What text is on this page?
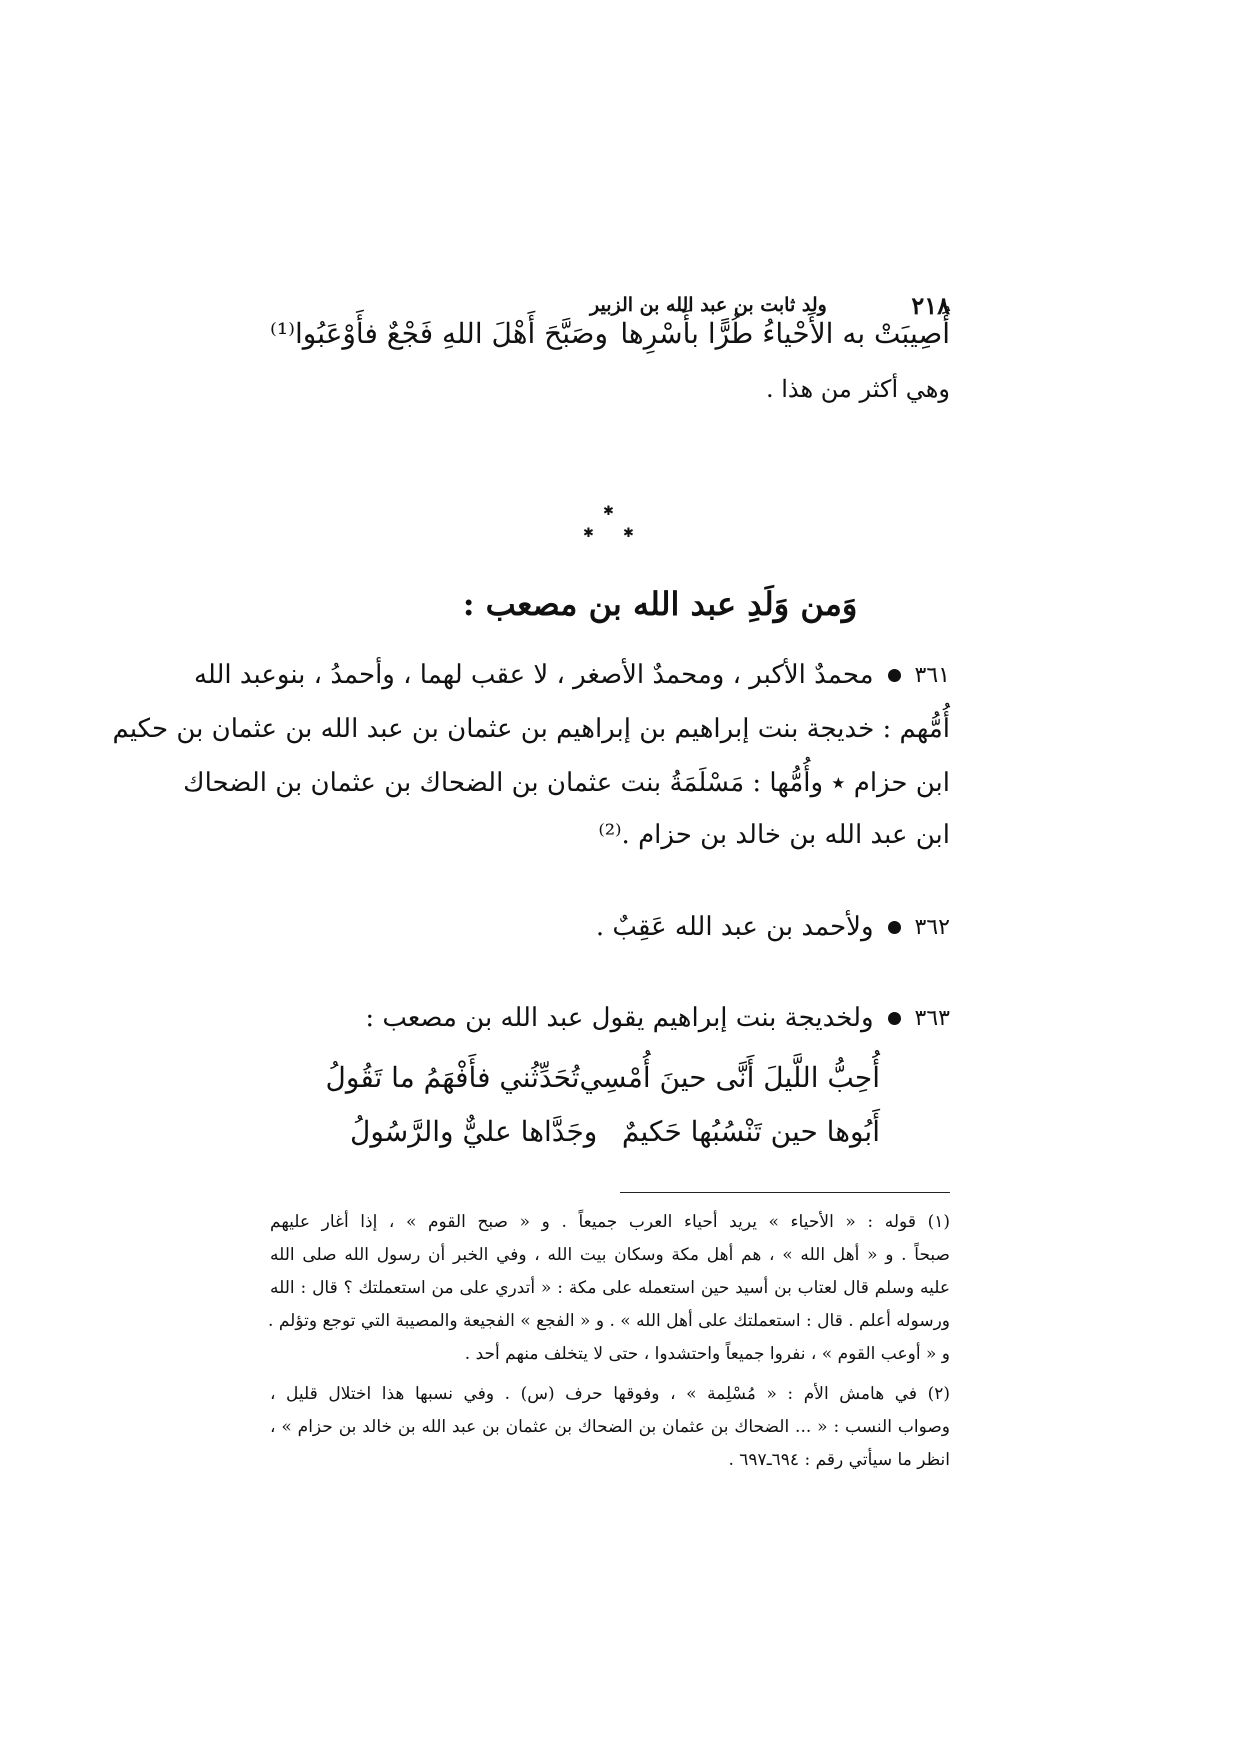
٢١٨
ولد ثابت بن عبد الله بن الزبير
أُصِيبَتْ به الأَحْياءُ طُرًّا بأَسْرِها
وصَبَّحَ أَهْلَ اللهِ فَجْعٌ فأَوْعَبُوا⁽¹⁾
وهي أكثر من هذا .
✱
✱ ✱
وَمن وَلَدِ عبد الله بن مصعب :
٣٦١
محمدٌ الأكبر ، ومحمدٌ الأصغر ، لا عقب لهما ، وأحمدُ ، بنوعبد الله
أُمُّهم : خديجة بنت إبراهيم بن إبراهيم بن عثمان بن عبد الله بن عثمان بن حكيم
ابن حزام ٭ وأُمُّها : مَسْلَمَةُ بنت عثمان بن الضحاك بن عثمان بن الضحاك
ابن عبد الله بن خالد بن حزام .⁽²⁾
٣٦٢
ولأحمد بن عبد الله عَقِبٌ .
٣٦٣
ولخديجة بنت إبراهيم يقول عبد الله بن مصعب :
أُحِبُّ اللَّيلَ أَنَّى حينَ أُمْسِي
تُحَدِّثُني فأَفْهَمُ ما تَقُولُ
أَبُوها حين تَنْسُبُها حَكيمٌ
وجَدَّاها عليٌّ والرَّسُولُ
(١) قوله : « الأحياء » يريد أحياء العرب جميعاً . و « صبح القوم » ، إذا أغار عليهم
صبحاً . و « أهل الله » ، هم أهل مكة وسكان بيت الله ، وفي الخبر أن رسول الله صلى الله
عليه وسلم قال لعتاب بن أسيد حين استعمله على مكة : « أتدري على من استعملتك ؟ قال : الله
ورسوله أعلم . قال : استعملتك على أهل الله » . و « الفجع » الفجيعة والمصيبة التي توجع وتؤلم .
و « أوعب القوم » ، نفروا جميعاً واحتشدوا ، حتى لا يتخلف منهم أحد .
(٢) في هامش الأم : « مُسْلِمة » ، وفوقها حرف (س) . وفي نسبها هذا اختلال قليل ،
وصواب النسب : « ... الضحاك بن عثمان بن الضحاك بن عثمان بن عبد الله بن خالد بن حزام » ،
انظر ما سيأتي رقم : ٦٩٤ـ٦٩٧ .
